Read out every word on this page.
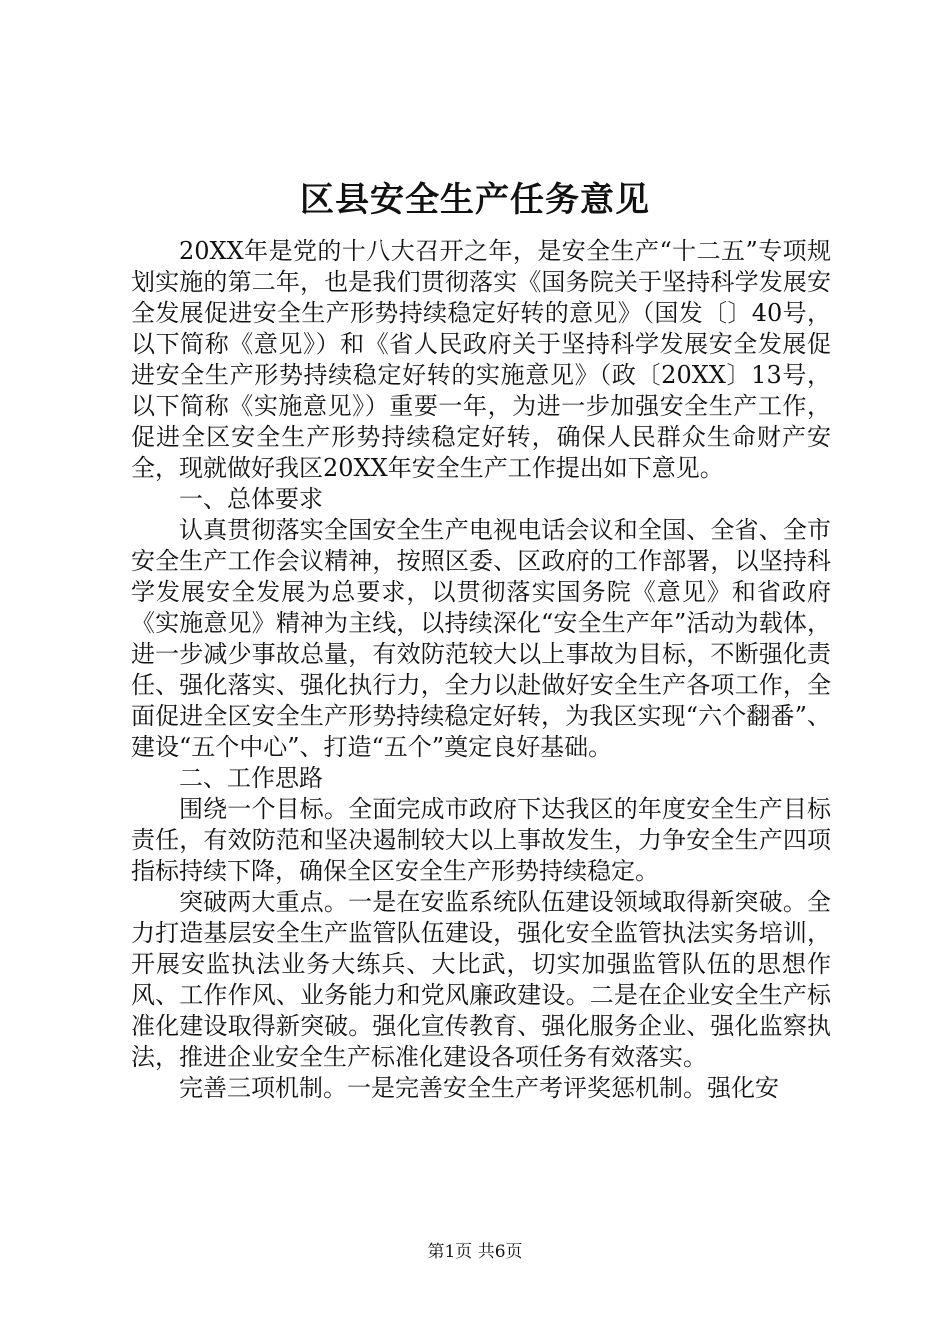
区县安全生产任务意见

20XX年是党的十八大召开之年，是安全生产“十二五”专项规划实施的第二年，也是我们贯彻落实《国务院关于坚持科学发展安全发展促进安全生产形势持续稳定好转的意见》（国发〔〕40号，以下简称《意见》）和《省人民政府关于坚持科学发展安全发展促进安全生产形势持续稳定好转的实施意见》（政〔20XX〕13号，以下简称《实施意见》）重要一年，为进一步加强安全生产工作，促进全区安全生产形势持续稳定好转，确保人民群众生命财产安全，现就做好我区20XX年安全生产工作提出如下意见。

一、总体要求

认真贯彻落实全国安全生产电视电话会议和全国、全省、全市安全生产工作会议精神，按照区委、区政府的工作部署，以坚持科学发展安全发展为总要求，以贯彻落实国务院《意见》和省政府《实施意见》精神为主线，以持续深化“安全生产年”活动为载体，进一步减少事故总量，有效防范较大以上事故为目标，不断强化责任、强化落实、强化执行力，全力以赴做好安全生产各项工作，全面促进全区安全生产形势持续稳定好转，为我区实现“六个翻番”、建设“五个中心”、打造“五个”奠定良好基础。

二、工作思路

围绕一个目标。全面完成市政府下达我区的年度安全生产目标责任，有效防范和坚决遏制较大以上事故发生，力争安全生产四项指标持续下降，确保全区安全生产形势持续稳定。

突破两大重点。一是在安监系统队伍建设领域取得新突破。全力打造基层安全生产监管队伍建设，强化安全监管执法实务培训，开展安监执法业务大练兵、大比武，切实加强监管队伍的思想作风、工作作风、业务能力和党风廉政建设。二是在企业安全生产标准化建设取得新突破。强化宣传教育、强化服务企业、强化监察执法，推进企业安全生产标准化建设各项任务有效落实。

完善三项机制。一是完善安全生产考评奖惩机制。强化安

第1页 共6页
